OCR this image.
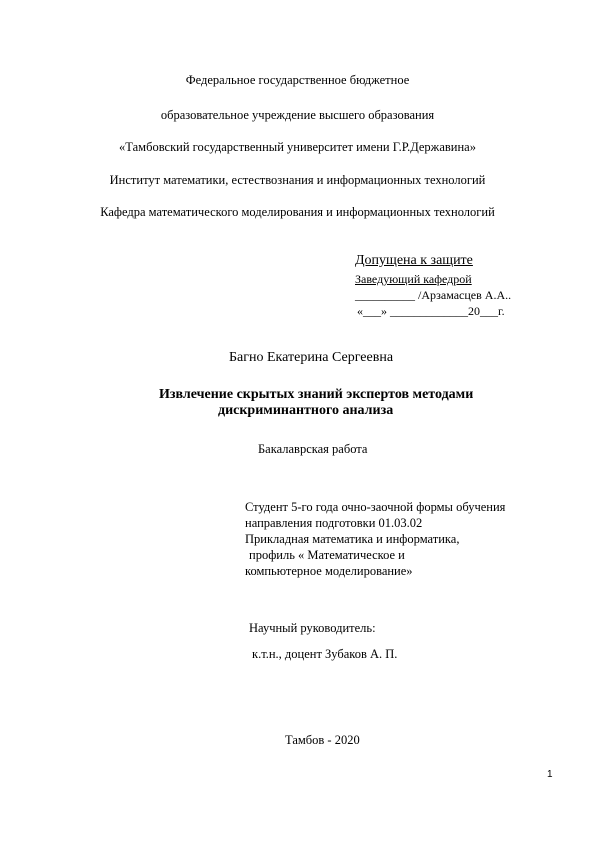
Федеральное государственное бюджетное
образовательное учреждение высшего образования
«Тамбовский государственный университет имени Г.Р.Державина»
Институт математики, естествознания и информационных технологий
Кафедра математического моделирования и информационных технологий
Допущена к защите
Заведующий кафедрой
__________ /Арзамасцев А.А..
«___» _____________20___г.
Багно Екатерина Сергеевна
Извлечение скрытых знаний экспертов методами
дискриминантного анализа
Бакалаврская работа
Студент 5-го года очно-заочной формы обучения
направления подготовки 01.03.02
Прикладная математика и информатика,
профиль « Математическое и
компьютерное моделирование»
Научный руководитель:
к.т.н., доцент Зубаков А. П.
Тамбов - 2020
1
